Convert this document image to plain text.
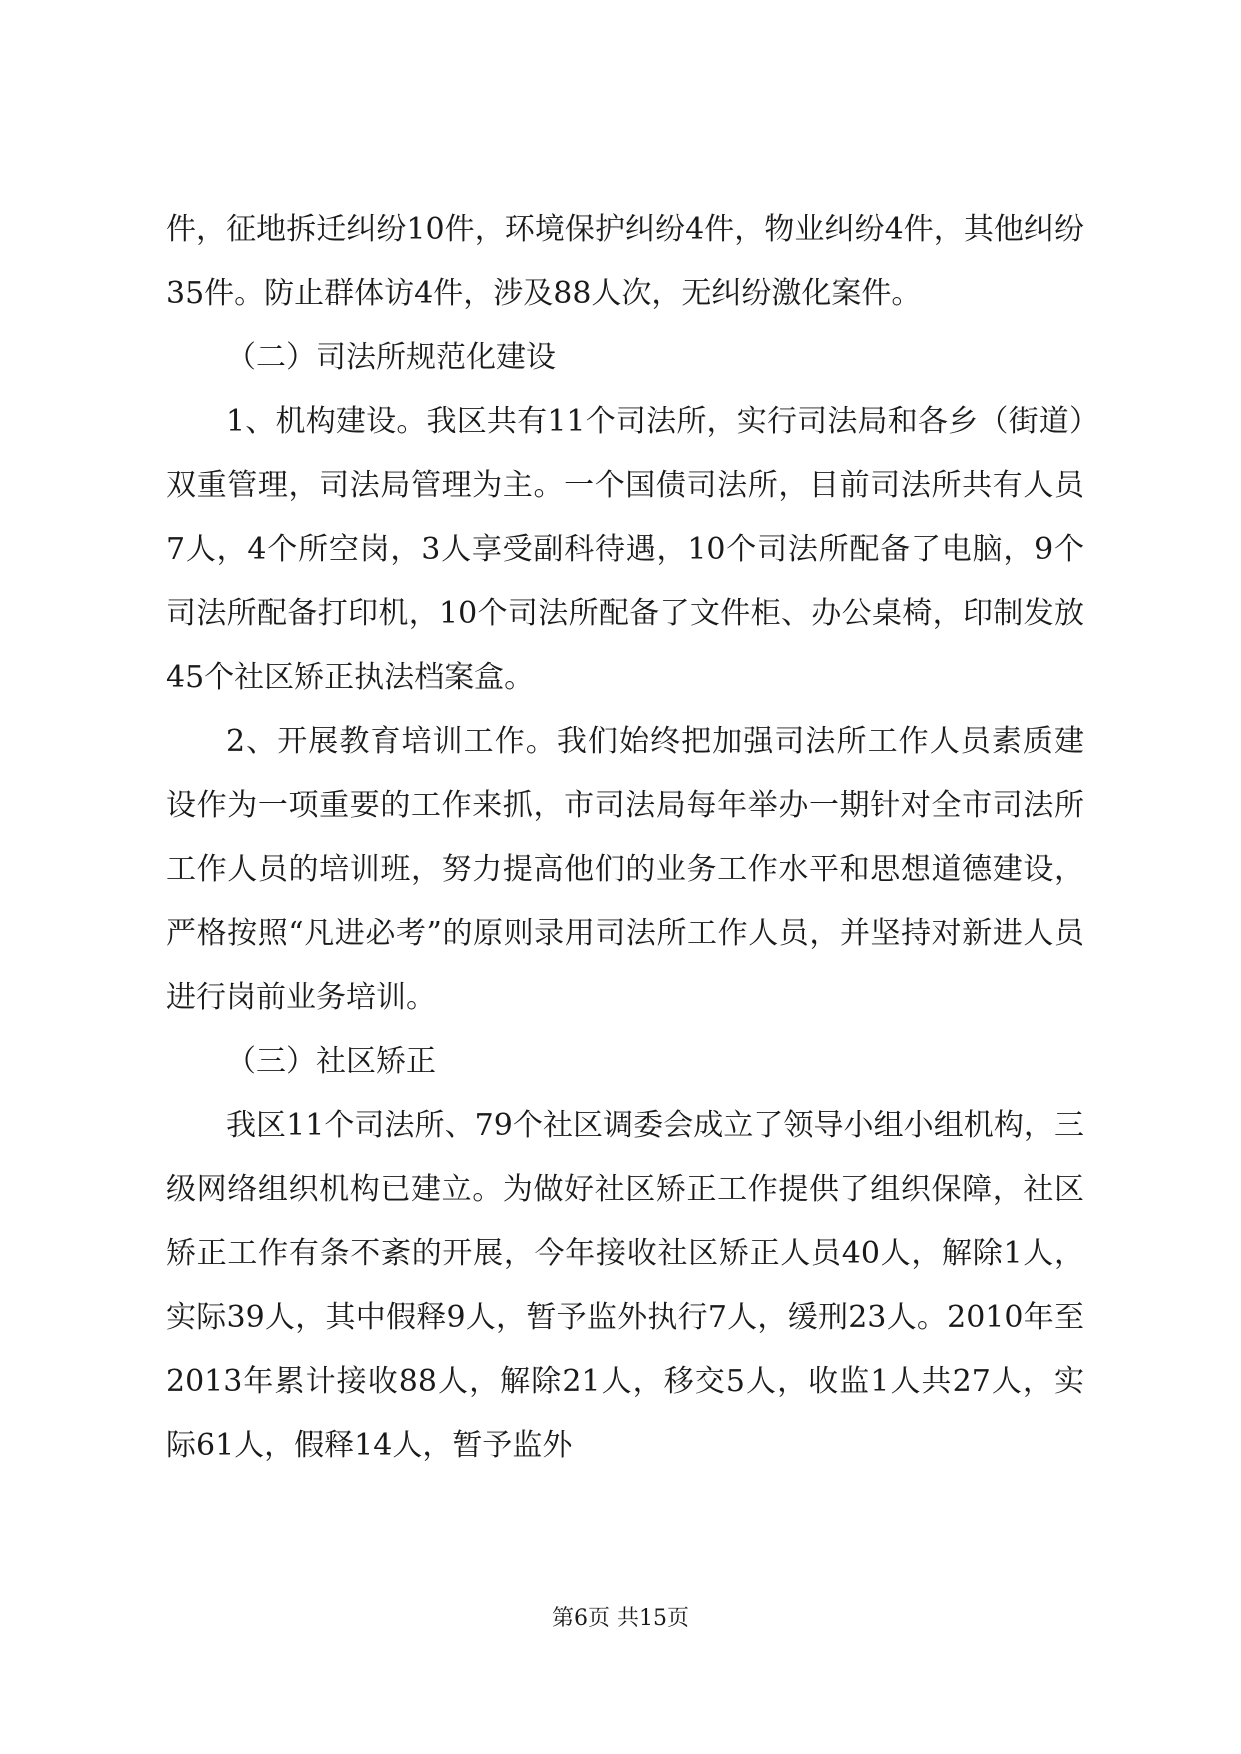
件，征地拆迁纠纷10件，环境保护纠纷4件，物业纠纷4件，其他纠纷35件。防止群体访4件，涉及88人次，无纠纷激化案件。

（二）司法所规范化建设

1、机构建设。我区共有11个司法所，实行司法局和各乡（街道）双重管理，司法局管理为主。一个国债司法所，目前司法所共有人员7人，4个所空岗，3人享受副科待遇，10个司法所配备了电脑，9个司法所配备打印机，10个司法所配备了文件柜、办公桌椅，印制发放45个社区矫正执法档案盒。

2、开展教育培训工作。我们始终把加强司法所工作人员素质建设作为一项重要的工作来抓，市司法局每年举办一期针对全市司法所工作人员的培训班，努力提高他们的业务工作水平和思想道德建设，严格按照“凡进必考”的原则录用司法所工作人员，并坚持对新进人员进行岗前业务培训。

（三）社区矫正

我区11个司法所、79个社区调委会成立了领导小组小组机构，三级网络组织机构已建立。为做好社区矫正工作提供了组织保障，社区矫正工作有条不紊的开展，今年接收社区矫正人员40人，解除1人，实际39人，其中假释9人，暂予监外执行7人，缓刑23人。2010年至2013年累计接收88人，解除21人，移交5人，收监1人共27人，实际61人，假释14人，暂予监外

第6页 共15页
